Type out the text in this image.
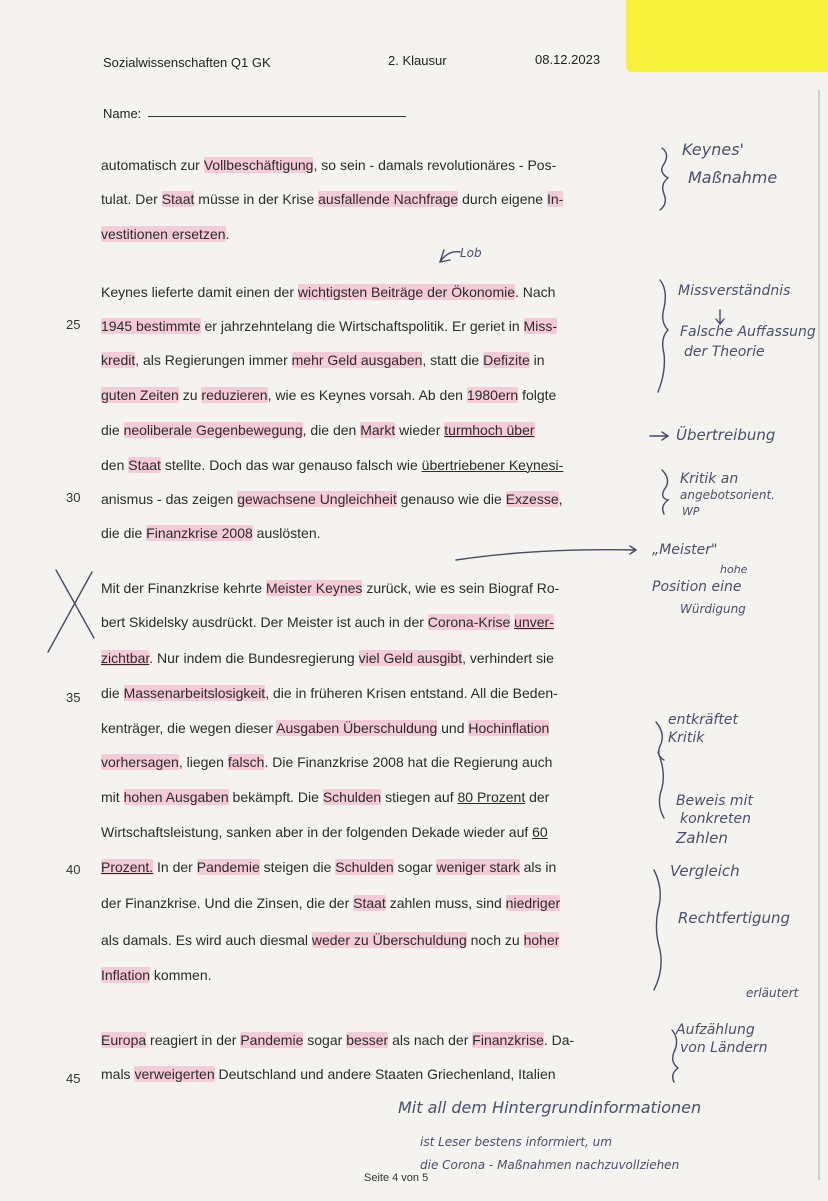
Sozialwissenschaften Q1 GK	2. Klausur	08.12.2023
Name:
25
30
35
40
45
automatisch zur Vollbeschäftigung, so sein - damals revolutionäres - Pos-
tulat. Der Staat müsse in der Krise ausfallende Nachfrage durch eigene In-
vestitionen ersetzen.
Keynes lieferte damit einen der wichtigsten Beiträge der Ökonomie. Nach
1945 bestimmte er jahrzehntelang die Wirtschaftspolitik. Er geriet in Miss-
kredit, als Regierungen immer mehr Geld ausgaben, statt die Defizite in
guten Zeiten zu reduzieren, wie es Keynes vorsah. Ab den 1980ern folgte
die neoliberale Gegenbewegung, die den Markt wieder turmhoch über
den Staat stellte. Doch das war genauso falsch wie übertriebener Keynesi-
anismus - das zeigen gewachsene Ungleichheit genauso wie die Exzesse,
die die Finanzkrise 2008 auslösten.
Mit der Finanzkrise kehrte Meister Keynes zurück, wie es sein Biograf Ro-
bert Skidelsky ausdrückt. Der Meister ist auch in der Corona-Krise unver-
zichtbar. Nur indem die Bundesregierung viel Geld ausgibt, verhindert sie
die Massenarbeitslosigkeit, die in früheren Krisen entstand. All die Beden-
kenträger, die wegen dieser Ausgaben Überschuldung und Hochinflation
vorhersagen, liegen falsch. Die Finanzkrise 2008 hat die Regierung auch
mit hohen Ausgaben bekämpft. Die Schulden stiegen auf 80 Prozent der
Wirtschaftsleistung, sanken aber in der folgenden Dekade wieder auf 60
Prozent. In der Pandemie steigen die Schulden sogar weniger stark als in
der Finanzkrise. Und die Zinsen, die der Staat zahlen muss, sind niedriger
als damals. Es wird auch diesmal weder zu Überschuldung noch zu hoher
Inflation kommen.
Europa reagiert in der Pandemie sogar besser als nach der Finanzkrise. Da-
mals verweigerten Deutschland und andere Staaten Griechenland, Italien
Keynes'
Maßnahme
Lob
Missverständnis
Falsche Auffassung
der Theorie
Übertreibung
Kritik an
angebotsorient.
WP
„Meister"
hohe
Position eine
Würdigung
entkräftet
Kritik
Beweis mit
konkreten
Zahlen
Vergleich
Rechtfertigung
erläutert
Aufzählung
von Ländern
Mit all dem Hintergrundinformationen
ist Leser bestens informiert, um
die Corona - Maßnahmen nachzuvollziehen
Seite 4 von 5
